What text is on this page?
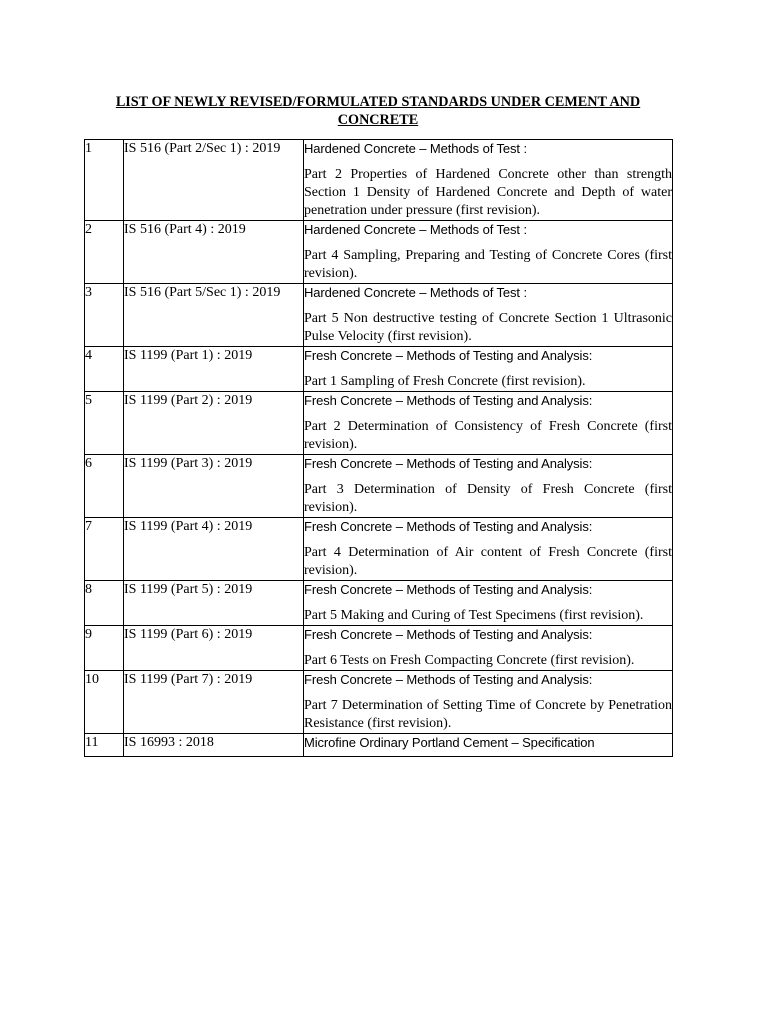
LIST OF NEWLY REVISED/FORMULATED STANDARDS UNDER CEMENT AND CONCRETE
1	IS 516 (Part 2/Sec 1) : 2019	Hardened Concrete – Methods of Test :
Part 2 Properties of Hardened Concrete other than strength Section 1 Density of Hardened Concrete and Depth of water penetration under pressure (first revision).

2	IS 516 (Part 4) : 2019	Hardened Concrete – Methods of Test :
Part 4 Sampling, Preparing and Testing of Concrete Cores (first revision).

3	IS 516 (Part 5/Sec 1) : 2019	Hardened Concrete – Methods of Test :
Part 5 Non destructive testing of Concrete Section 1 Ultrasonic Pulse Velocity (first revision).

4	IS 1199 (Part 1) : 2019	Fresh Concrete – Methods of Testing and Analysis:
Part 1 Sampling of Fresh Concrete (first revision).

5	IS 1199 (Part 2) : 2019	Fresh Concrete – Methods of Testing and Analysis:
Part 2 Determination of Consistency of Fresh Concrete (first revision).

6	IS 1199 (Part 3) : 2019	Fresh Concrete – Methods of Testing and Analysis:
Part 3 Determination of Density of Fresh Concrete (first revision).

7	IS 1199 (Part 4) : 2019	Fresh Concrete – Methods of Testing and Analysis:
Part 4 Determination of Air content of Fresh Concrete (first revision).

8	IS 1199 (Part 5) : 2019	Fresh Concrete – Methods of Testing and Analysis:
Part 5 Making and Curing of Test Specimens (first revision).

9	IS 1199 (Part 6) : 2019	Fresh Concrete – Methods of Testing and Analysis:
Part 6 Tests on Fresh Compacting Concrete (first revision).

10	IS 1199 (Part 7) : 2019	Fresh Concrete – Methods of Testing and Analysis:
Part 7 Determination of Setting Time of Concrete by Penetration Resistance (first revision).

11	IS 16993 : 2018	Microfine Ordinary Portland Cement – Specification
